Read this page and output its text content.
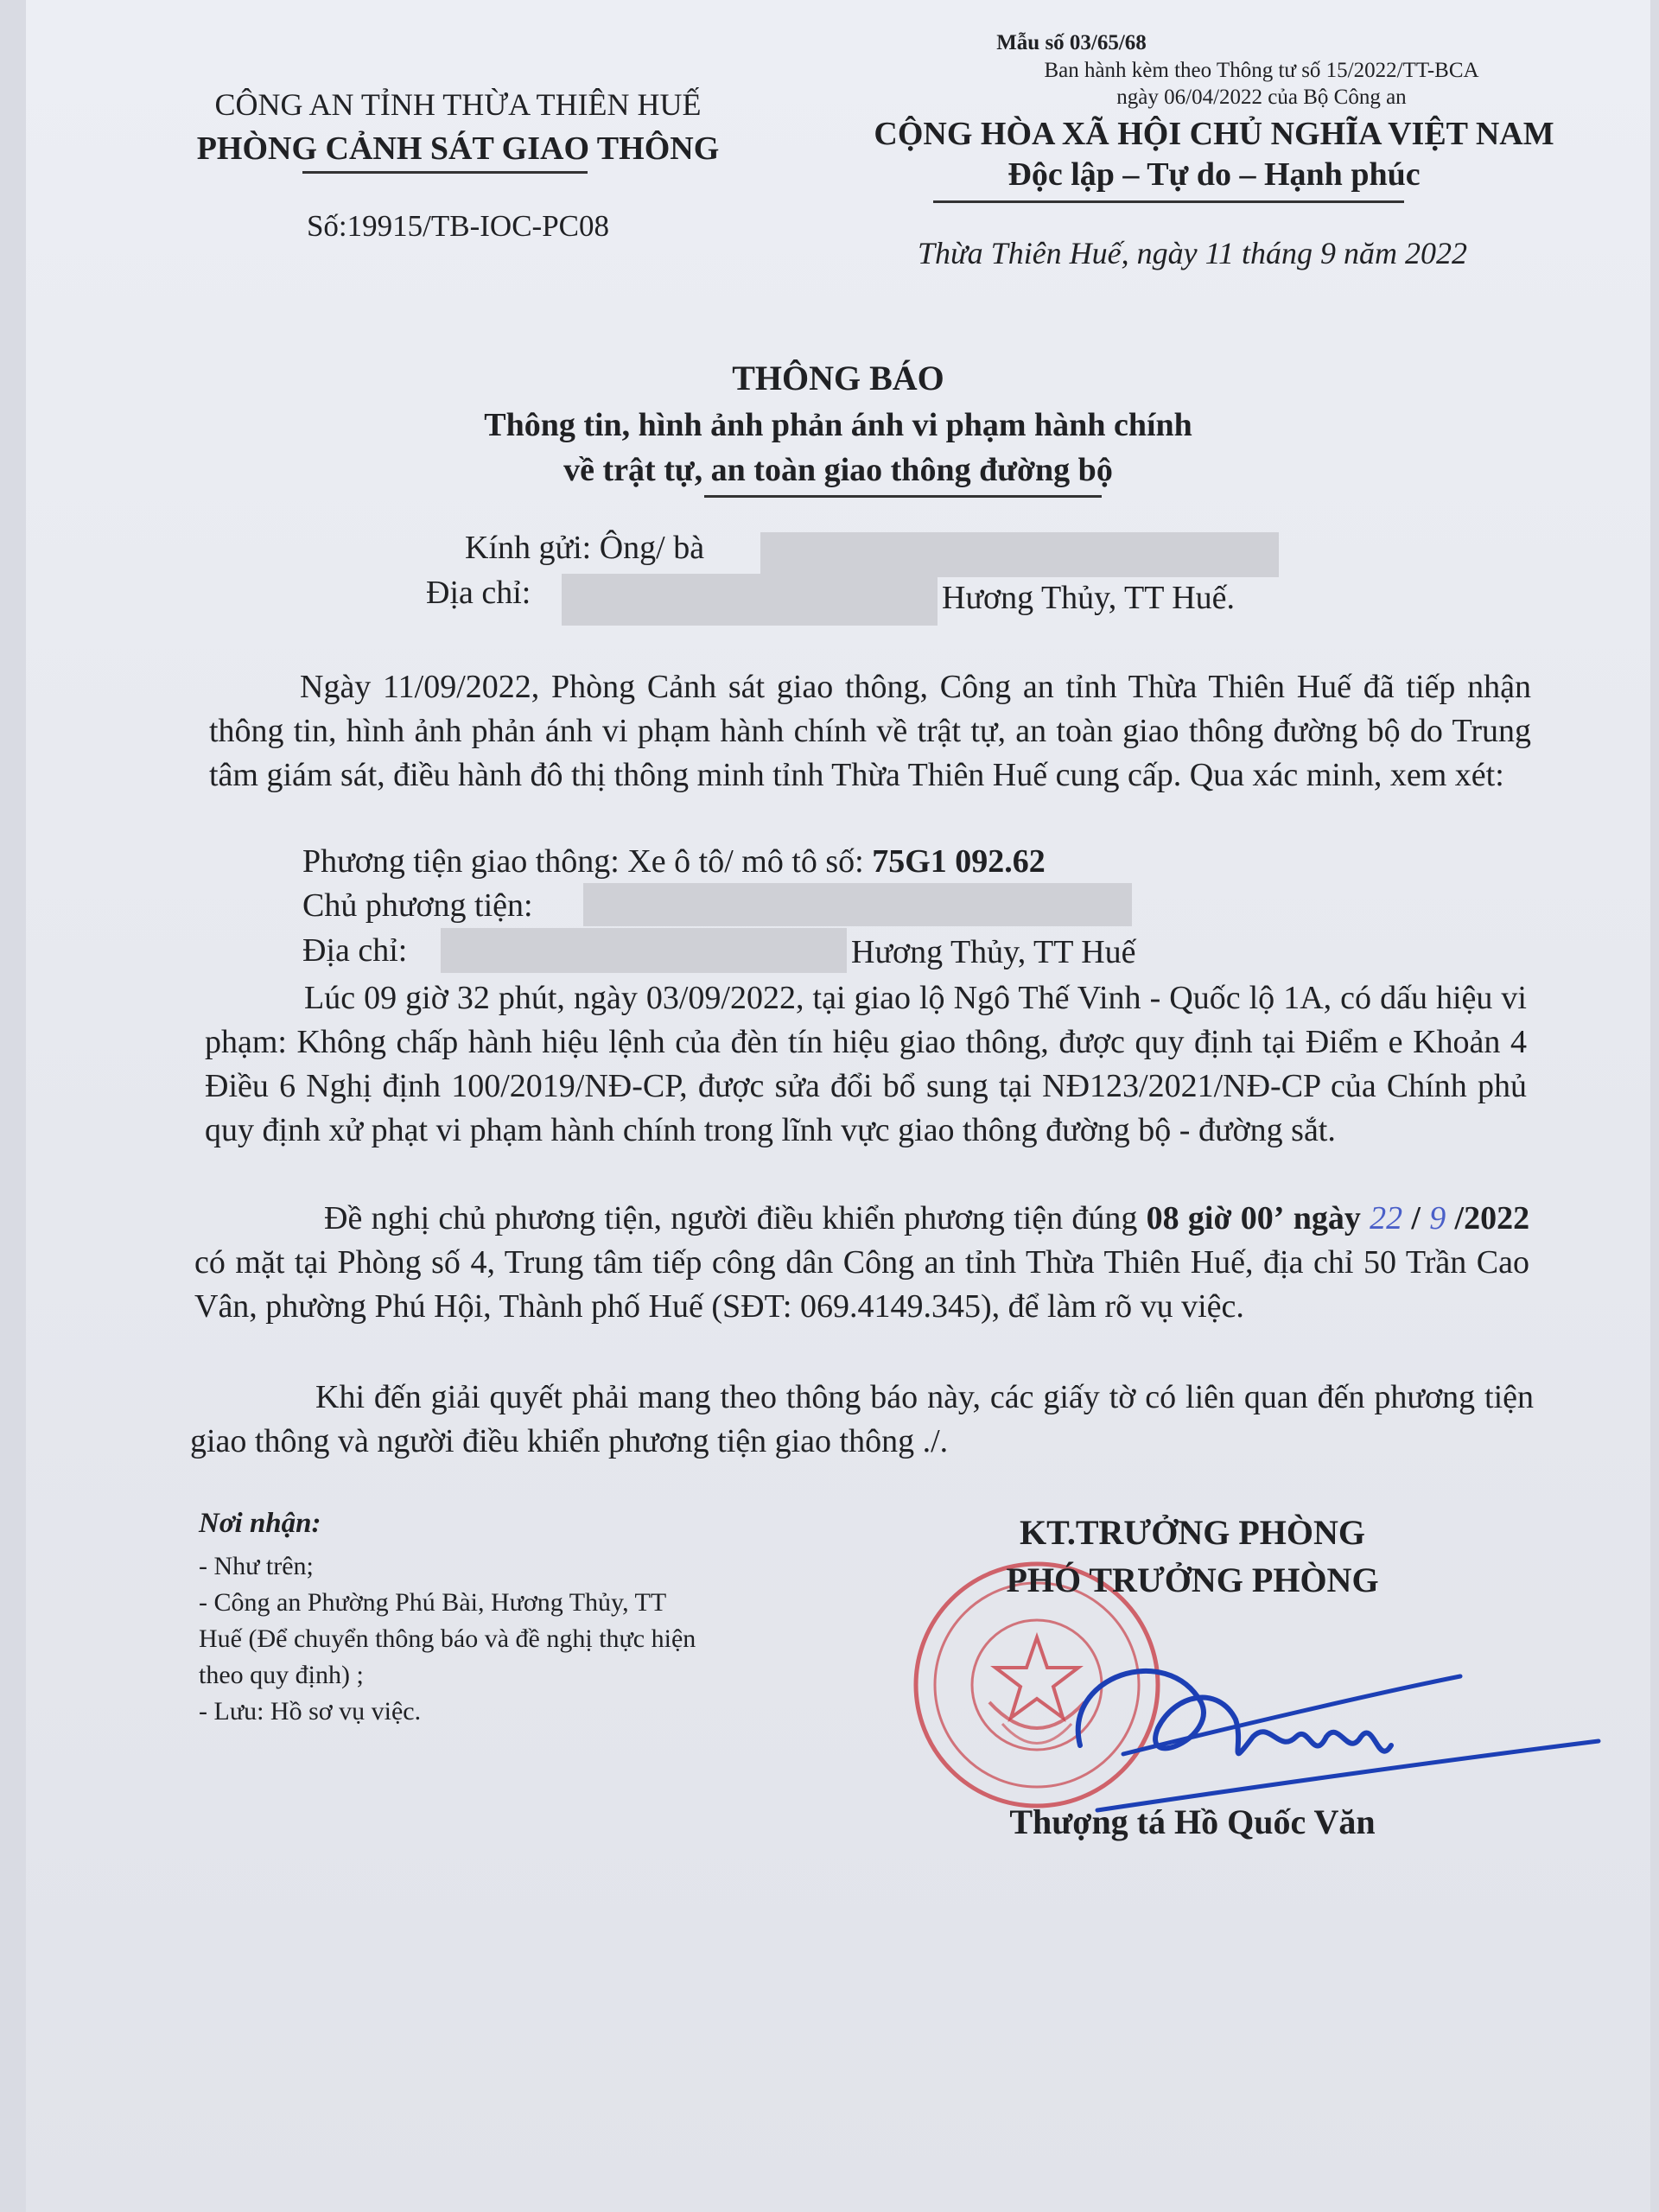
Mẫu số 03/65/68
Ban hành kèm theo Thông tư số 15/2022/TT-BCA
ngày 06/04/2022 của Bộ Công an
CÔNG AN TỈNH THỪA THIÊN HUẾ
PHÒNG CẢNH SÁT GIAO THÔNG
Số:19915/TB-IOC-PC08
CỘNG HÒA XÃ HỘI CHỦ NGHĨA VIỆT NAM
Độc lập – Tự do – Hạnh phúc
Thừa Thiên Huế, ngày 11 tháng 9 năm 2022
THÔNG BÁO
Thông tin, hình ảnh phản ánh vi phạm hành chính
về trật tự, an toàn giao thông đường bộ
Kính gửi: Ông/ bà
Địa chỉ:	Hương Thủy, TT Huế.
Ngày 11/09/2022, Phòng Cảnh sát giao thông, Công an tỉnh Thừa Thiên Huế đã tiếp nhận thông tin, hình ảnh phản ánh vi phạm hành chính về trật tự, an toàn giao thông đường bộ do Trung tâm giám sát, điều hành đô thị thông minh tỉnh Thừa Thiên Huế cung cấp. Qua xác minh, xem xét:
Phương tiện giao thông: Xe ô tô/ mô tô số: 75G1 092.62
Chủ phương tiện:
Địa chỉ:	Hương Thủy, TT Huế
Lúc 09 giờ 32 phút, ngày 03/09/2022, tại giao lộ Ngô Thế Vinh - Quốc lộ 1A, có dấu hiệu vi phạm: Không chấp hành hiệu lệnh của đèn tín hiệu giao thông, được quy định tại Điểm e Khoản 4 Điều 6 Nghị định 100/2019/NĐ-CP, được sửa đổi bổ sung tại NĐ123/2021/NĐ-CP của Chính phủ quy định xử phạt vi phạm hành chính trong lĩnh vực giao thông đường bộ - đường sắt.
Đề nghị chủ phương tiện, người điều khiển phương tiện đúng 08 giờ 00’ ngày 22 / 9 /2022 có mặt tại Phòng số 4, Trung tâm tiếp công dân Công an tỉnh Thừa Thiên Huế, địa chỉ 50 Trần Cao Vân, phường Phú Hội, Thành phố Huế (SĐT: 069.4149.345), để làm rõ vụ việc.
Khi đến giải quyết phải mang theo thông báo này, các giấy tờ có liên quan đến phương tiện giao thông và người điều khiển phương tiện giao thông ./.
Nơi nhận:
- Như trên;
- Công an Phường Phú Bài, Hương Thủy, TT
Huế (Để chuyển thông báo và đề nghị thực hiện
theo quy định) ;
- Lưu: Hồ sơ vụ việc.
KT.TRƯỞNG PHÒNG
PHÓ TRƯỞNG PHÒNG
Thượng tá Hồ Quốc Văn
